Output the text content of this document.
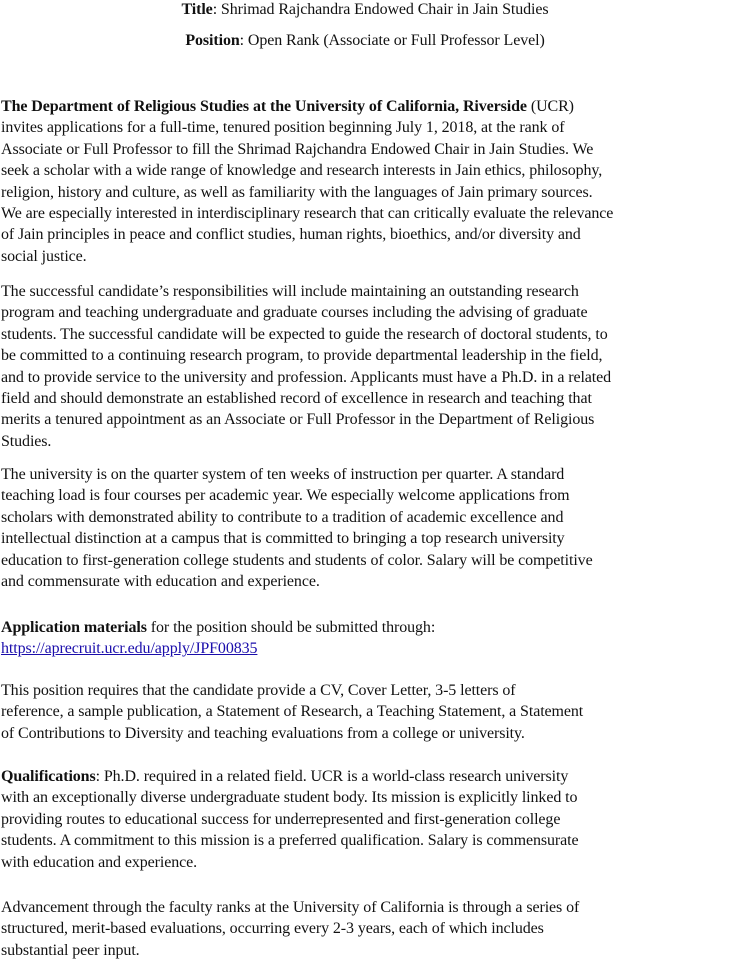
Title: Shrimad Rajchandra Endowed Chair in Jain Studies
Position: Open Rank (Associate or Full Professor Level)
The Department of Religious Studies at the University of California, Riverside (UCR)
invites applications for a full-time, tenured position beginning July 1, 2018, at the rank of
Associate or Full Professor to fill the Shrimad Rajchandra Endowed Chair in Jain Studies. We
seek a scholar with a wide range of knowledge and research interests in Jain ethics, philosophy,
religion, history and culture, as well as familiarity with the languages of Jain primary sources.
We are especially interested in interdisciplinary research that can critically evaluate the relevance
of Jain principles in peace and conflict studies, human rights, bioethics, and/or diversity and
social justice.
The successful candidate’s responsibilities will include maintaining an outstanding research
program and teaching undergraduate and graduate courses including the advising of graduate
students. The successful candidate will be expected to guide the research of doctoral students, to
be committed to a continuing research program, to provide departmental leadership in the field,
and to provide service to the university and profession. Applicants must have a Ph.D. in a related
field and should demonstrate an established record of excellence in research and teaching that
merits a tenured appointment as an Associate or Full Professor in the Department of Religious
Studies.
The university is on the quarter system of ten weeks of instruction per quarter. A standard
teaching load is four courses per academic year. We especially welcome applications from
scholars with demonstrated ability to contribute to a tradition of academic excellence and
intellectual distinction at a campus that is committed to bringing a top research university
education to first-generation college students and students of color. Salary will be competitive
and commensurate with education and experience.
Application materials for the position should be submitted through:
https://aprecruit.ucr.edu/apply/JPF00835
This position requires that the candidate provide a CV, Cover Letter, 3-5 letters of
reference, a sample publication, a Statement of Research, a Teaching Statement, a Statement
of Contributions to Diversity and teaching evaluations from a college or university.
Qualifications: Ph.D. required in a related field. UCR is a world-class research university
with an exceptionally diverse undergraduate student body. Its mission is explicitly linked to
providing routes to educational success for underrepresented and first-generation college
students. A commitment to this mission is a preferred qualification. Salary is commensurate
with education and experience.
Advancement through the faculty ranks at the University of California is through a series of
structured, merit-based evaluations, occurring every 2-3 years, each of which includes
substantial peer input.
